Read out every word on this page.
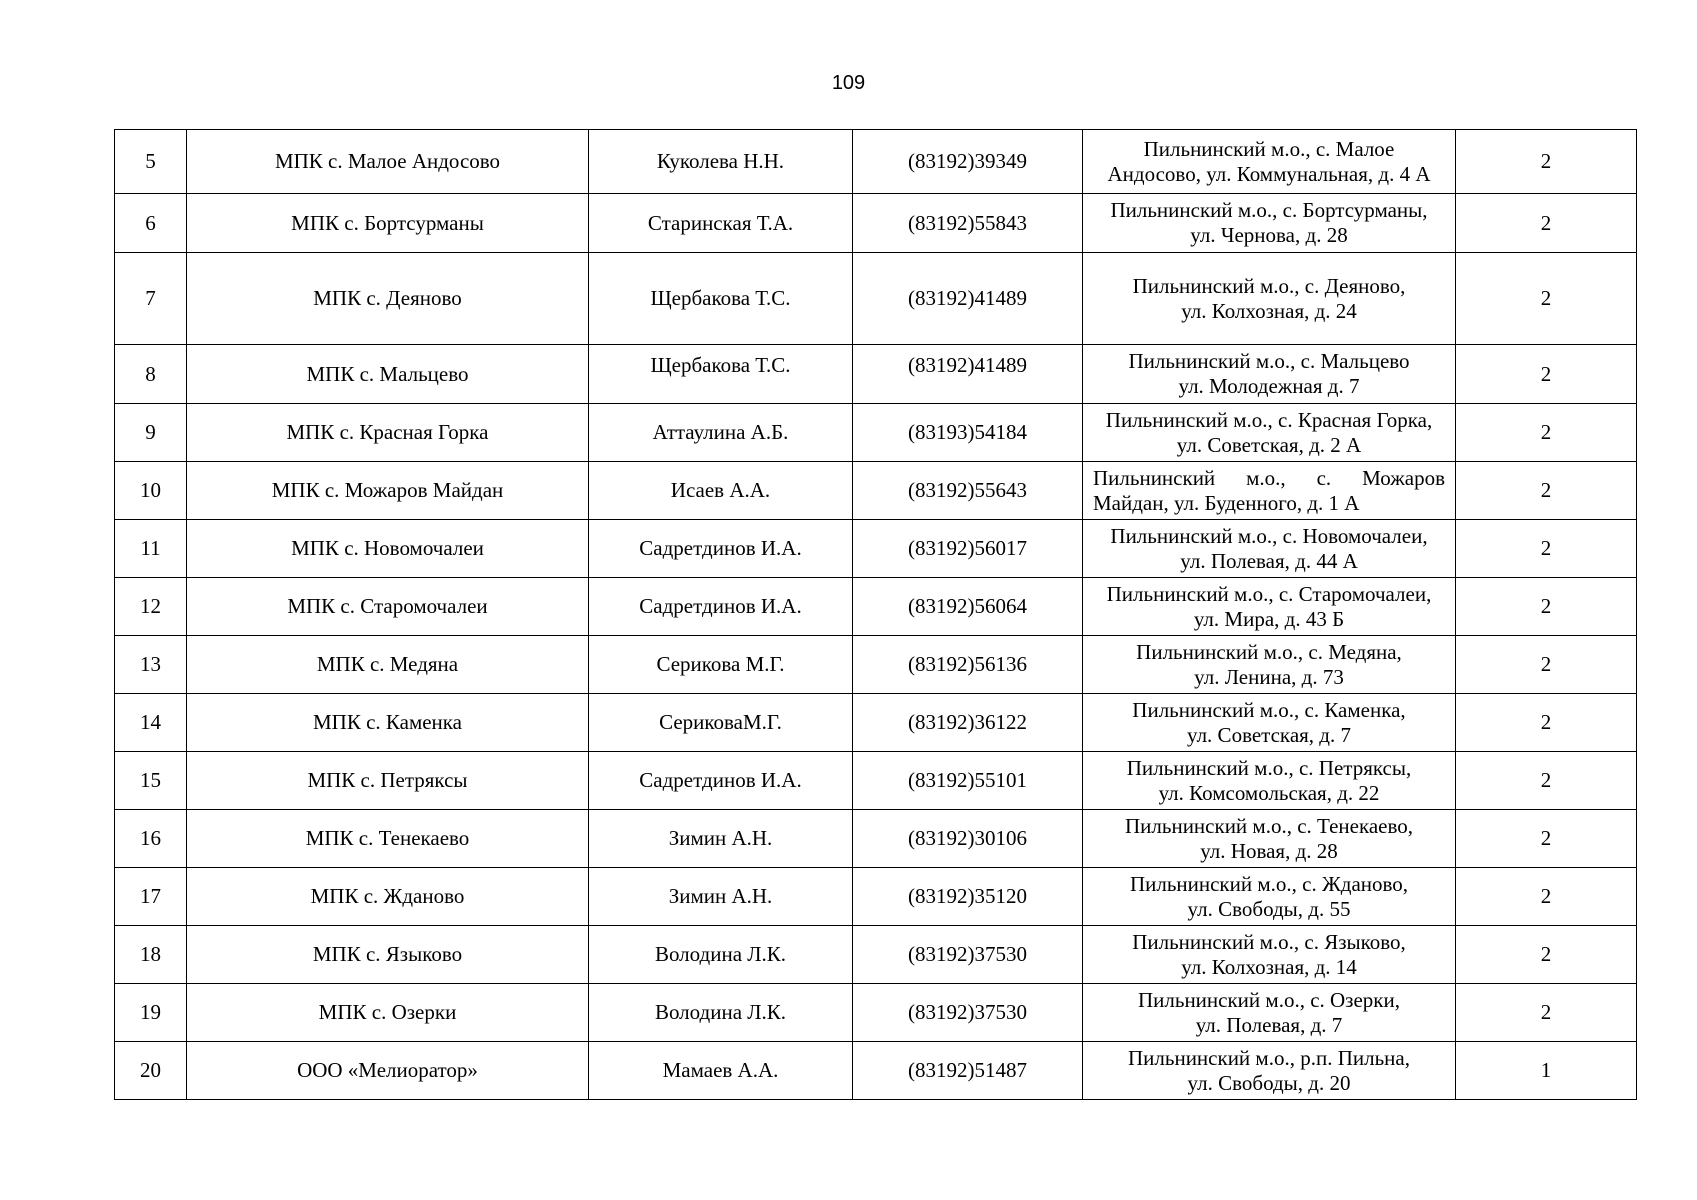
109
5	МПК с. Малое Андосово	Куколева Н.Н.	(83192)39349	Пильнинский м.о., с. Малое
Андосово, ул. Коммунальная, д. 4 А	2
6	МПК с. Бортсурманы	Старинская Т.А.	(83192)55843	Пильнинский м.о., с. Бортсурманы,
ул. Чернова, д. 28	2
7	МПК с. Деяново	Щербакова Т.С.	(83192)41489	Пильнинский м.о., с. Деяново,
ул. Колхозная, д. 24	2
8	МПК с. Мальцево	Щербакова Т.С.	(83192)41489	Пильнинский м.о., с. Мальцево
ул. Молодежная д. 7	2
9	МПК с. Красная Горка	Аттаулина А.Б.	(83193)54184	Пильнинский м.о., с. Красная Горка,
ул. Советская, д. 2 А	2
10	МПК с. Можаров Майдан	Исаев А.А.	(83192)55643	Пильнинский м.о., с. Можаров
Майдан, ул. Буденного, д. 1 А	2
11	МПК с. Новомочалеи	Садретдинов И.А.	(83192)56017	Пильнинский м.о., с. Новомочалеи,
ул. Полевая, д. 44 А	2
12	МПК с. Старомочалеи	Садретдинов И.А.	(83192)56064	Пильнинский м.о., с. Старомочалеи,
ул. Мира, д. 43 Б	2
13	МПК с. Медяна	Серикова М.Г.	(83192)56136	Пильнинский м.о., с. Медяна,
ул. Ленина, д. 73	2
14	МПК с. Каменка	СериковаМ.Г.	(83192)36122	Пильнинский м.о., с. Каменка,
ул. Советская, д. 7	2
15	МПК с. Петряксы	Садретдинов И.А.	(83192)55101	Пильнинский м.о., с. Петряксы,
ул. Комсомольская, д. 22	2
16	МПК с. Тенекаево	Зимин А.Н.	(83192)30106	Пильнинский м.о., с. Тенекаево,
ул. Новая, д. 28	2
17	МПК с. Жданово	Зимин А.Н.	(83192)35120	Пильнинский м.о., с. Жданово,
ул. Свободы, д. 55	2
18	МПК с. Языково	Володина Л.К.	(83192)37530	Пильнинский м.о., с. Языково,
ул. Колхозная, д. 14	2
19	МПК с. Озерки	Володина Л.К.	(83192)37530	Пильнинский м.о., с. Озерки,
ул. Полевая, д. 7	2
20	ООО «Мелиоратор»	Мамаев А.А.	(83192)51487	Пильнинский м.о., р.п. Пильна,
ул. Свободы, д. 20	1
